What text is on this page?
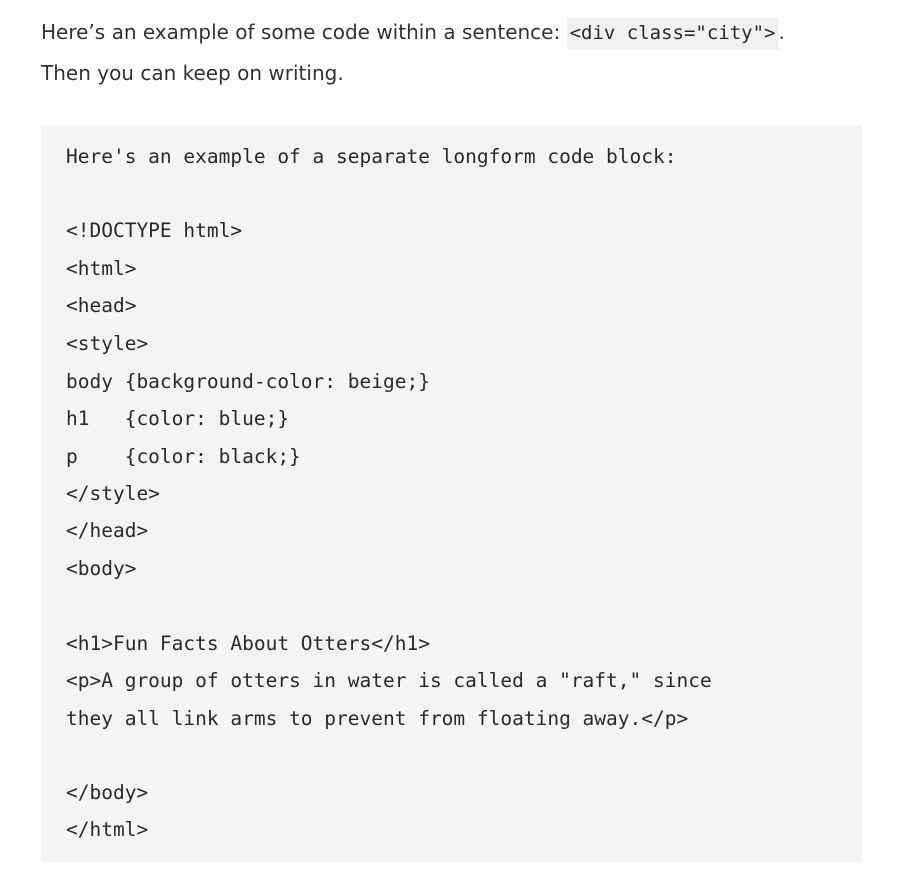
Here’s an example of some code within a sentence: <div class="city"> .
Then you can keep on writing.
Here's an example of a separate longform code block:
<!DOCTYPE html>
<html>
<head>
<style>
body {background-color: beige;}
h1   {color: blue;}
p    {color: black;}
</style>
</head>
<body>
<h1>Fun Facts About Otters</h1>
<p>A group of otters in water is called a "raft," since
they all link arms to prevent from floating away.</p>
</body>
</html>
